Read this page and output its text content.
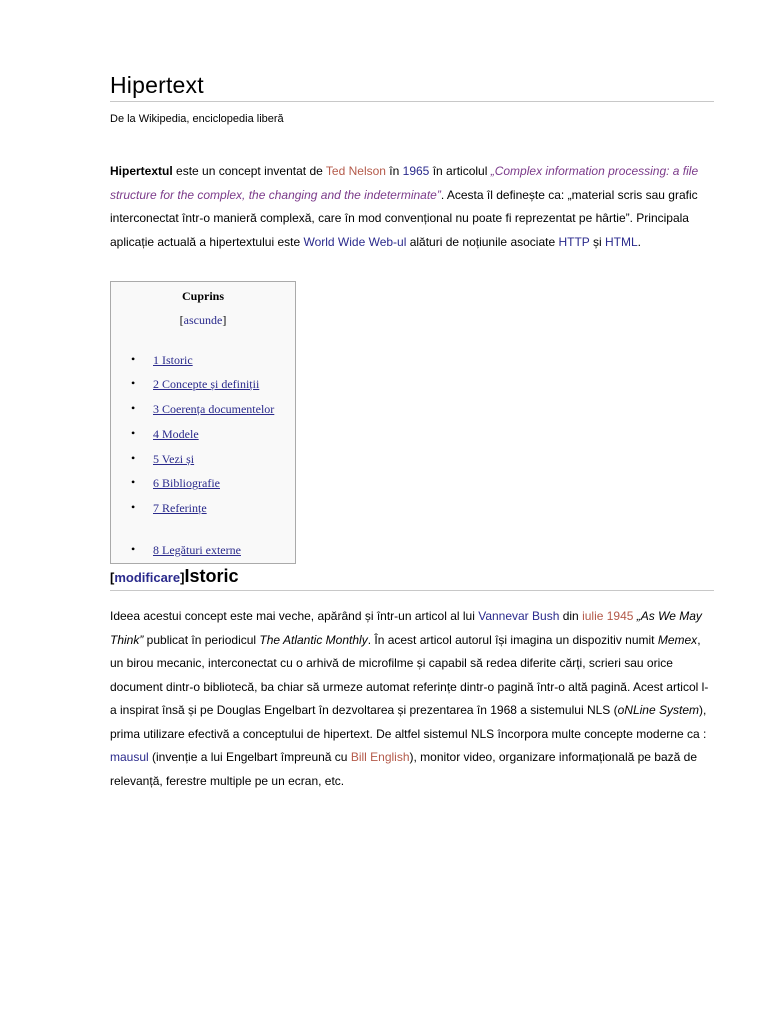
Hipertext
De la Wikipedia, enciclopedia liberă
Hipertextul este un concept inventat de Ted Nelson în 1965 în articolul „Complex information processing: a file structure for the complex, the changing and the indeterminate”. Acesta îl definește ca: „material scris sau grafic interconectat într-o manieră complexă, care în mod convențional nu poate fi reprezentat pe hârtie”. Principala aplicație actuală a hipertextului este World Wide Web-ul alături de noțiunile asociate HTTP și HTML.
Cuprins
[ascunde]
• 1 Istoric
• 2 Concepte și definiții
• 3 Coerența documentelor
• 4 Modele
• 5 Vezi și
• 6 Bibliografie
• 7 Referințe
• 8 Legături externe
[modificare]Istoric
Ideea acestui concept este mai veche, apărând și într-un articol al lui Vannevar Bush din iulie 1945 „As We May Think” publicat în periodicul The Atlantic Monthly. În acest articol autorul își imagina un dispozitiv numit Memex, un birou mecanic, interconectat cu o arhivă de microfilme și capabil să redea diferite cărți, scrieri sau orice document dintr-o bibliotecă, ba chiar să urmeze automat referințe dintr-o pagină într-o altă pagină. Acest articol l-a inspirat însă și pe Douglas Engelbart în dezvoltarea și prezentarea în 1968 a sistemului NLS (oNLine System), prima utilizare efectivă a conceptului de hipertext. De altfel sistemul NLS încorpora multe concepte moderne ca : mausul (invenție a lui Engelbart împreună cu Bill English), monitor video, organizare informațională pe bază de relevanță, ferestre multiple pe un ecran, etc.
